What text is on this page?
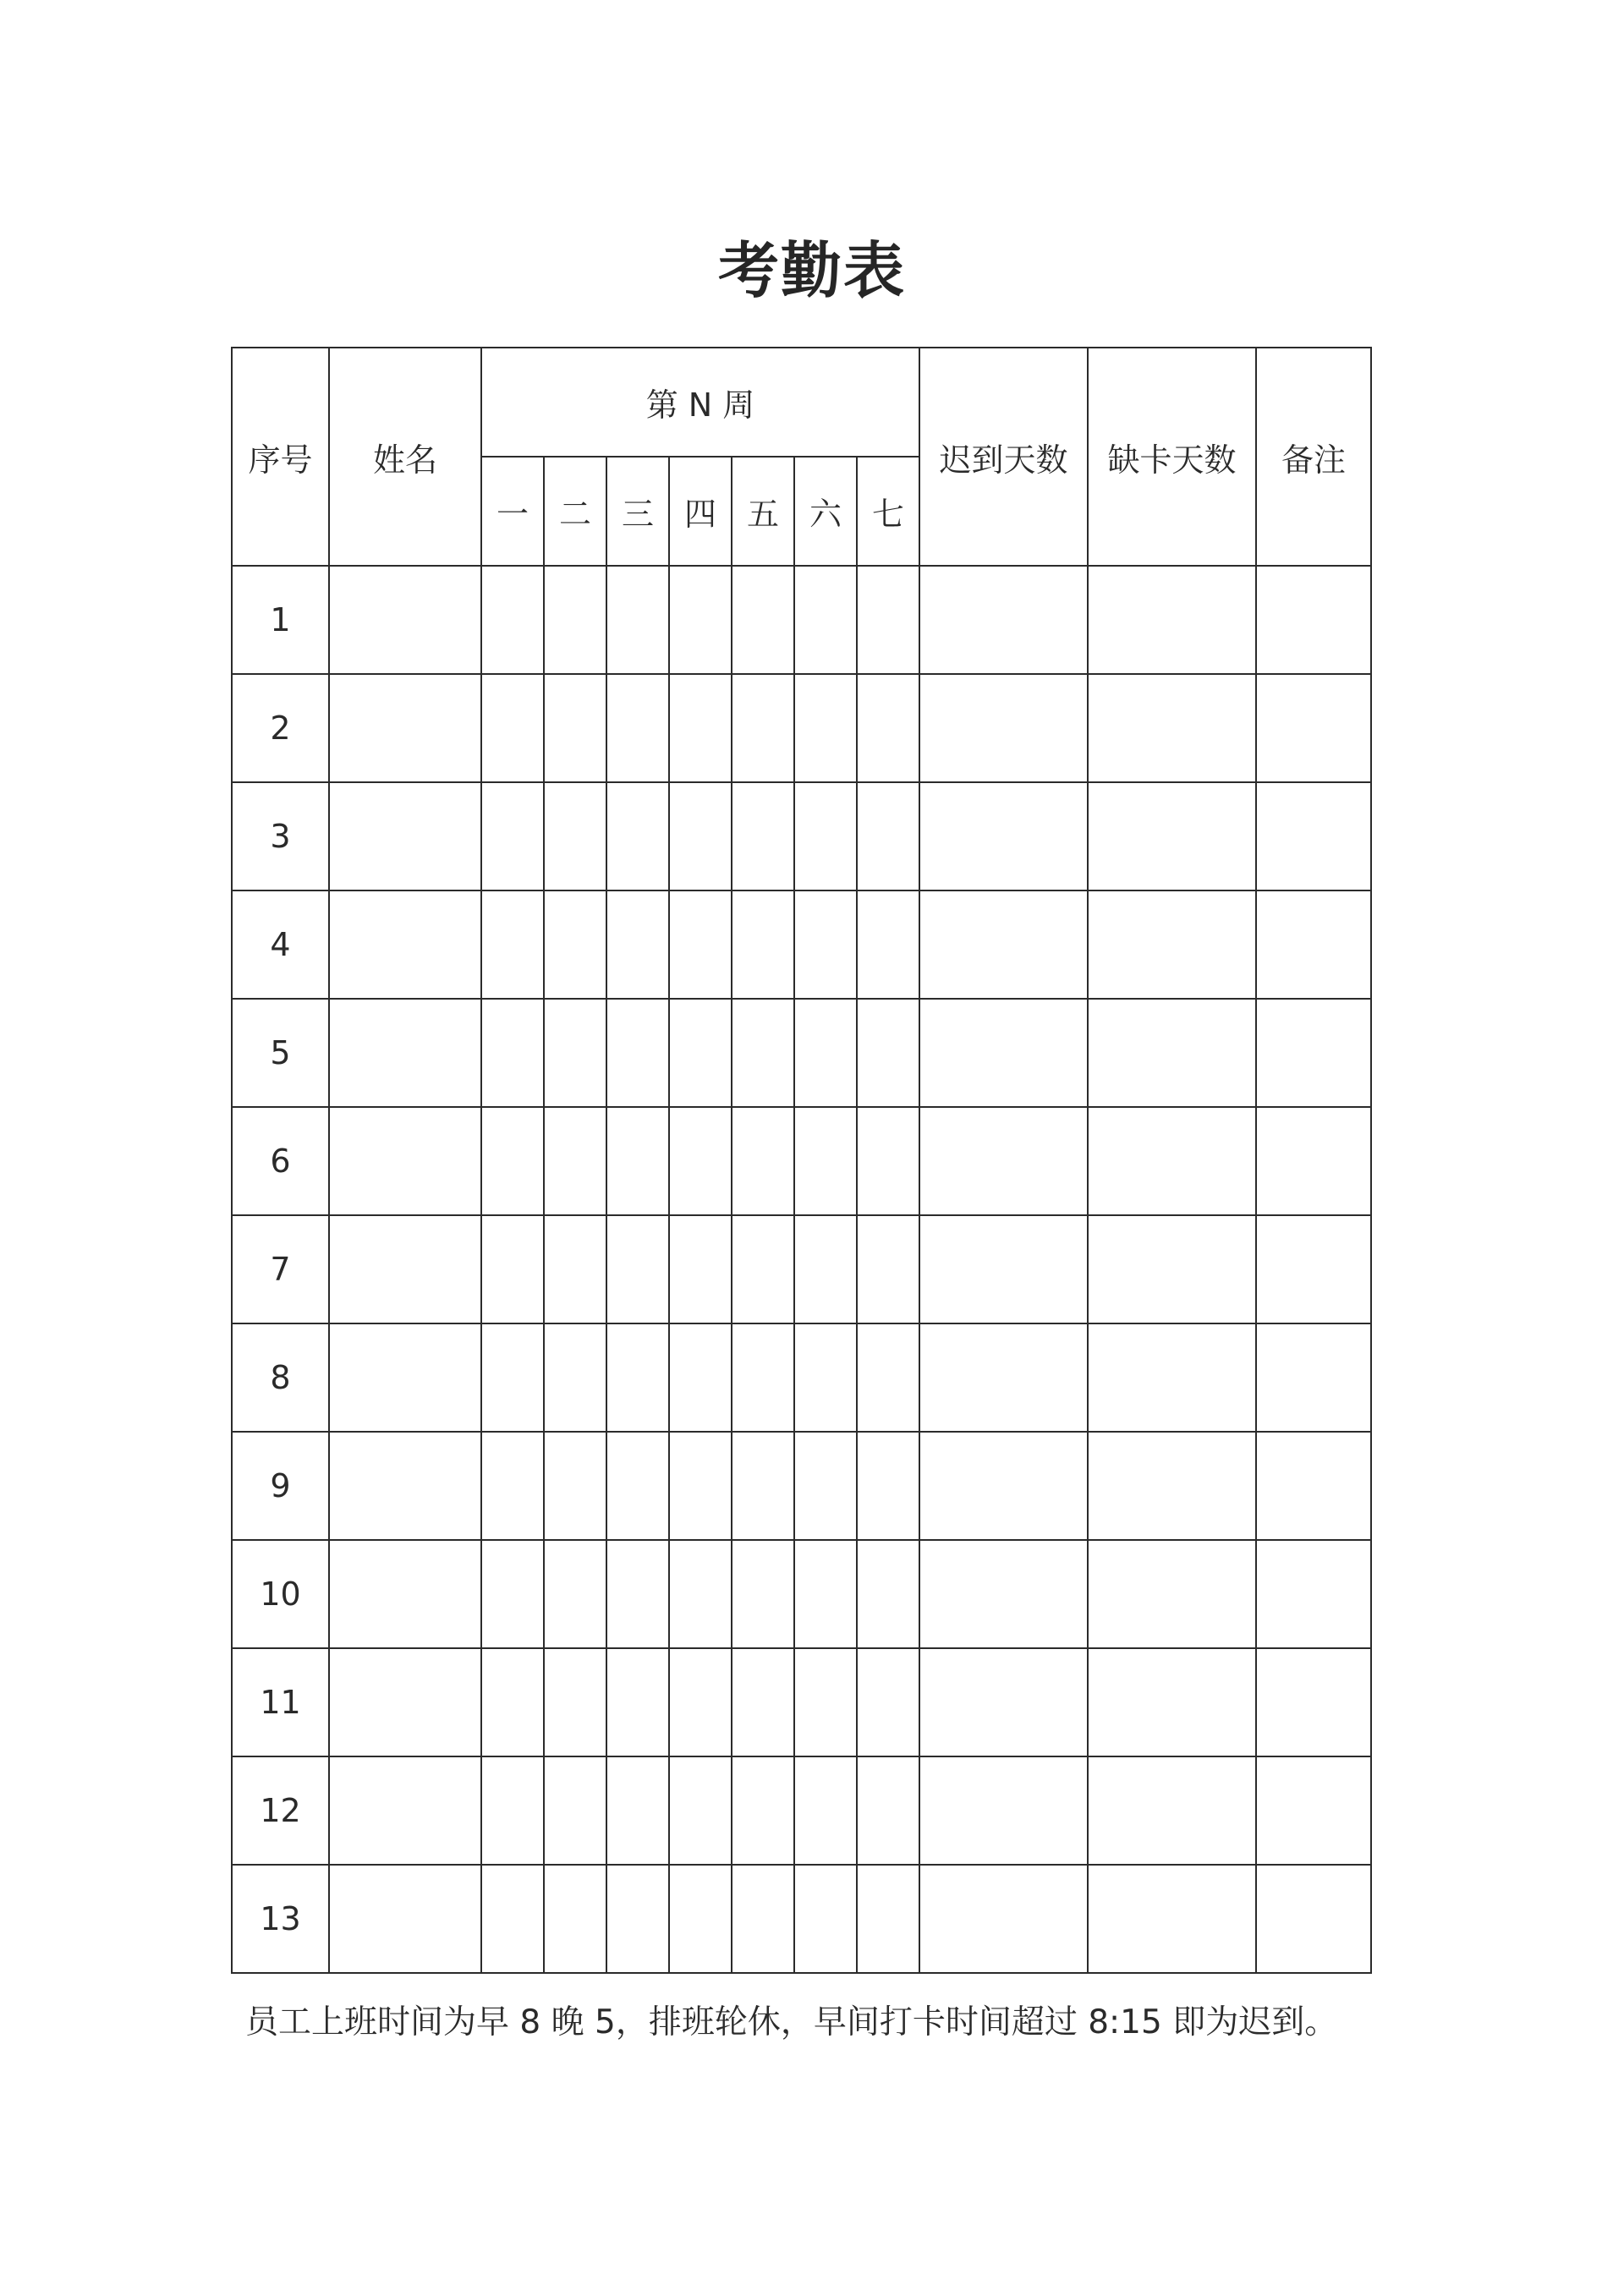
考勤表
序号	姓名	第 N 周							迟到天数	缺卡天数	备注
		一	二	三	四	五	六	七			
1											
2											
3											
4											
5											
6											
7											
8											
9											
10											
11											
12											
13											
员工上班时间为早 8 晚 5，排班轮休，早间打卡时间超过 8:15 即为迟到。
